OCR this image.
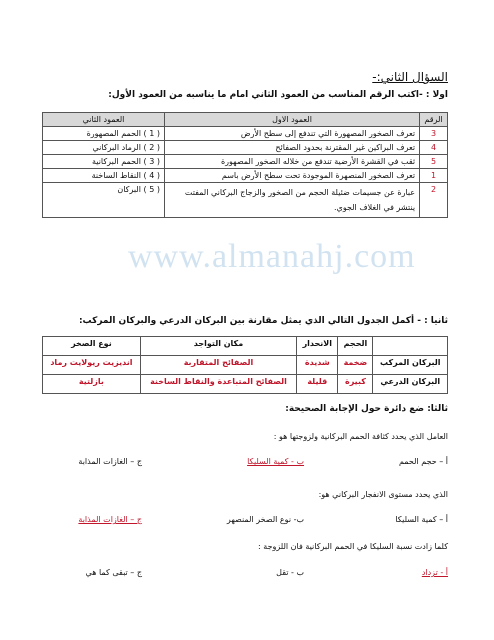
www.almanahj.com
السؤال الثاني:-
اولا : -اكتب الرقم المناسب من العمود الثاني امام ما يناسبه من العمود الأول:
الرقم	العمود الاول	العمود الثاني
3	تعرف الصخور المصهورة التي تندفع إلى سطح الأرض	( 1 ) الحمم المصهورة
4	تعرف البراكين غير المقترنة بحدود الصفائح	( 2 ) الرماد البركاني
5	ثقب في القشرة الأرضية تندفع من خلاله الصخور المصهورة	( 3 ) الحمم البركانية
1	تعرف الصخور المنصهرة الموجودة تحت سطح الأرض باسم	( 4 ) النقاط الساخنة
2	عبارة عن جسيمات ضئيلة الحجم من الصخور والزجاج البركاني المفتت ينتشر في الغلاف الجوي.	( 5 ) البركان
ثانيا : - أكمل الجدول التالي الذي يمثل مقارنة بين البركان الدرعي والبركان المركب:
	الحجم	الانحدار	مكان التواجد	نوع الصخر
البركان المركب	ضخمة	شديدة	الصفائح المتقاربة	انديزيت ريولايت رماد
البركان الدرعي	كبيرة	قليلة	الصفائح المتباعدة والنقاط الساخنة	بازلتية
ثالثا: ضع دائرة حول الإجابة الصحيحة:
العامل الذي يحدد كثافة الحمم البركانية ولزوجتها هو :
أ – حجم الحمم
ب - كمية السليكا
ج – الغازات المذابة
الذي يحدد مستوى الانفجار البركاني هو:
أ – كمية السليكا
ب- نوع الصخر المنصهر
ج – الغازات المذابة
كلما زادت نسبة السليكا في الحمم البركانية فان اللزوجة :
أ - تزداد
ب - تقل
ج – تبقى كما هي
